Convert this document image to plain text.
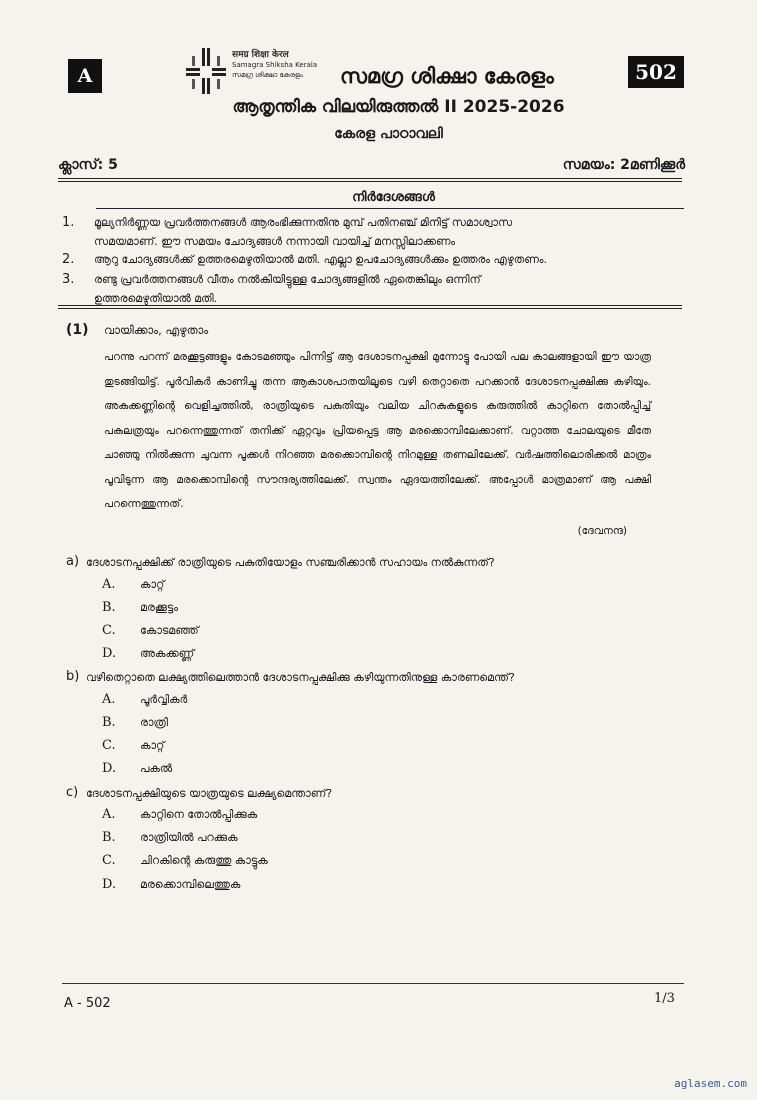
A
समग्र शिक्षा केरल
Samagra Shiksha Kerala
സമഗ്ര ശിക്ഷാ കേരളം	സമഗ്ര ശിക്ഷാ കേരളം	502
ആതൃന്തിക വിലയിരുത്തൽ II 2025-2026
കേരള പാഠാവലി
ക്ലാസ്: 5	സമയം: 2മണിക്കൂർ
നിർദേശങ്ങൾ
1. മൂല്യനിർണ്ണയ പ്രവർത്തനങ്ങൾ ആരംഭിക്കുന്നതിനു മുമ്പ് പതിനഞ്ച് മിനിട്ട് സമാശ്വാസ
സമയമാണ്. ഈ സമയം ചോദ്യങ്ങൾ നന്നായി വായിച്ച് മനസ്സിലാക്കണം
2. ആറു ചോദ്യങ്ങൾക്ക് ഉത്തരമെഴുതിയാൽ മതി. എല്ലാ ഉപചോദ്യങ്ങൾക്കും ഉത്തരം എഴുതണം.
3. രണ്ടു പ്രവർത്തനങ്ങൾ വീതം നൽകിയിട്ടുള്ള ചോദ്യങ്ങളിൽ ഏതെങ്കിലും ഒന്നിന്
ഉത്തരമെഴുതിയാൽ മതി.
(1) വായിക്കാം, എഴുതാം

പറന്നു പറന്ന് മരക്കൂട്ടങ്ങളും കോടമഞ്ഞും പിന്നിട്ട് ആ ദേശാടനപ്പക്ഷി മുന്നോട്ടു പോയി പല കാലങ്ങളായി ഈ യാത്ര തുടങ്ങിയിട്ട്. പൂർവികർ കാണിച്ചു തന്ന ആകാശപാതയിലൂടെ വഴി തെറ്റാതെ പറക്കാൻ ദേശാടനപ്പക്ഷിക്കു കഴിയും. അകക്കണ്ണിന്റെ വെളിച്ചത്തിൽ, രാത്രിയുടെ പകുതിയും വലിയ ചിറകുകളുടെ കരുത്തിൽ കാറ്റിനെ തോൽപ്പിച്ച് പകലത്രയും പറന്നെത്തുന്നത് തനിക്ക് ഏറ്റവും പ്രിയപ്പെട്ട ആ മരക്കൊമ്പിലേക്കാണ്. വറ്റാത്ത ചോലയുടെ മീതേ ചാഞ്ഞു നിൽക്കുന്ന ചുവന്ന പൂക്കൾ നിറഞ്ഞ മരക്കൊമ്പിന്റെ നിറമുള്ള തണലിലേക്ക്. വർഷത്തിലൊരിക്കൽ മാത്രം പൂവിടുന്ന ആ മരക്കൊമ്പിന്റെ സൗന്ദര്യത്തിലേക്ക്. സ്വന്തം ഏദയത്തിലേക്ക്. അപ്പോൾ മാത്രമാണ് ആ പക്ഷി പറന്നെത്തുന്നത്.

(ദേവനന്ദ)
a) ദേശാടനപ്പക്ഷിക്ക് രാത്രിയുടെ പകുതിയോളം സഞ്ചരിക്കാൻ സഹായം നൽകുന്നത്?
A. കാറ്റ്
B. മരക്കൂട്ടം
C. കോടമഞ്ഞ്
D. അകക്കണ്ണ്
b) വഴിതെറ്റാതെ ലക്ഷ്യത്തിലെത്താൻ ദേശാടനപ്പക്ഷിക്കു കഴിയുന്നതിനുള്ള കാരണമെന്ത്?
A. പൂർവ്വികർ
B. രാത്രി
C. കാറ്റ്
D. പകൽ
c) ദേശാടനപ്പക്ഷിയുടെ യാത്രയുടെ ലക്ഷ്യമെന്താണ്?
A. കാറ്റിനെ തോൽപ്പിക്കുക
B. രാത്രിയിൽ പറക്കുക
C. ചിറകിന്റെ കരുത്തു കാട്ടുക
D. മരക്കൊമ്പിലെത്തുക
A - 502	1/3
aglasem.com
